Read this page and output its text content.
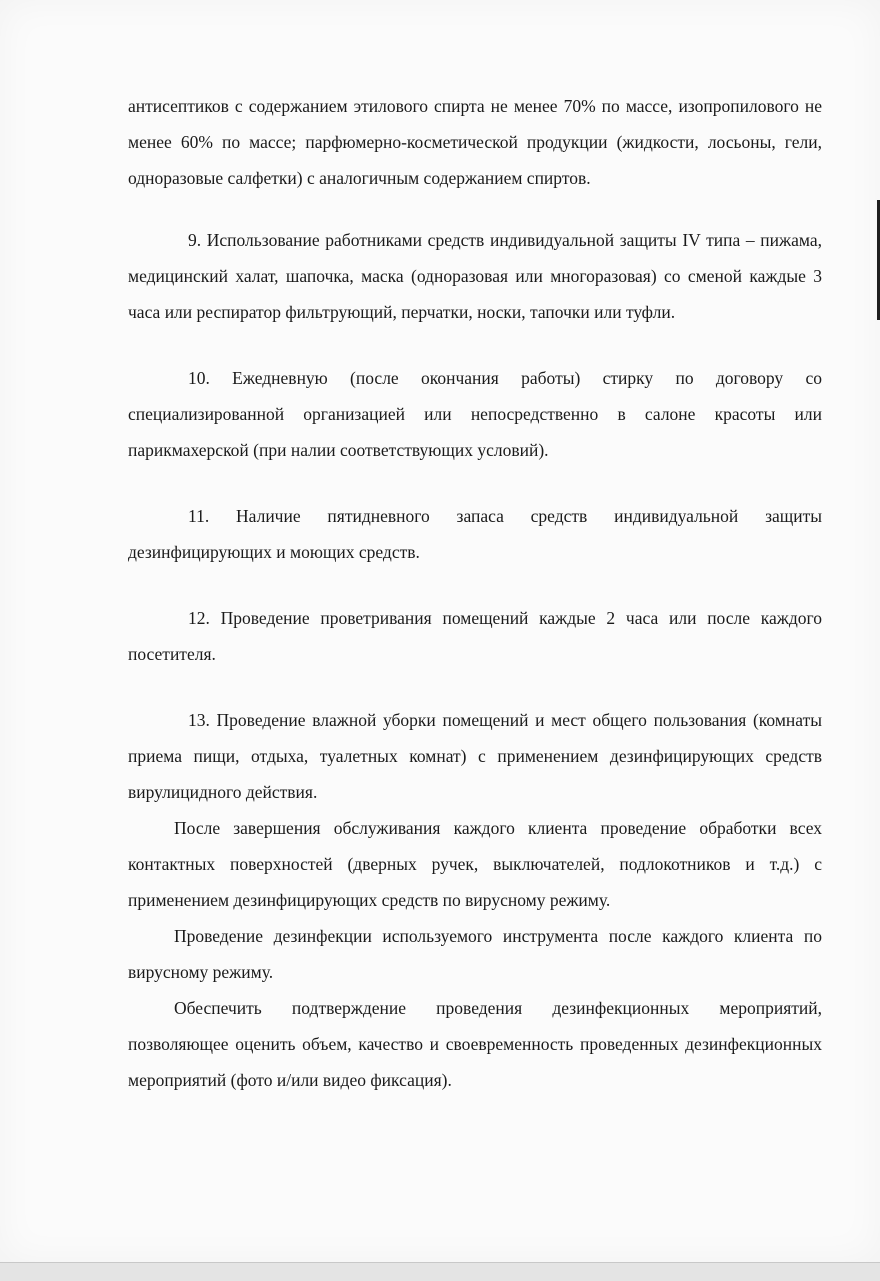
антисептиков с содержанием этилового спирта не менее 70% по массе, изопропилового не менее 60% по массе; парфюмерно-косметической продукции (жидкости, лосьоны, гели, одноразовые салфетки) с аналогичным содержанием спиртов.

9. Использование работниками средств индивидуальной защиты IV типа – пижама, медицинский халат, шапочка, маска (одноразовая или многоразовая) со сменой каждые 3 часа или респиратор фильтрующий, перчатки, носки, тапочки или туфли.

10. Ежедневную (после окончания работы) стирку по договору со специализированной организацией или непосредственно в салоне красоты или парикмахерской (при налии соответствующих условий).

11. Наличие пятидневного запаса средств индивидуальной защиты дезинфицирующих и моющих средств.

12. Проведение проветривания помещений каждые 2 часа или после каждого посетителя.

13. Проведение влажной уборки помещений и мест общего пользования (комнаты приема пищи, отдыха, туалетных комнат) с применением дезинфицирующих средств вирулицидного действия.

После завершения обслуживания каждого клиента проведение обработки всех контактных поверхностей (дверных ручек, выключателей, подлокотников и т.д.) с применением дезинфицирующих средств по вирусному режиму.

Проведение дезинфекции используемого инструмента после каждого клиента по вирусному режиму.

Обеспечить подтверждение проведения дезинфекционных мероприятий, позволяющее оценить объем, качество и своевременность проведенных дезинфекционных мероприятий (фото и/или видео фиксация).
